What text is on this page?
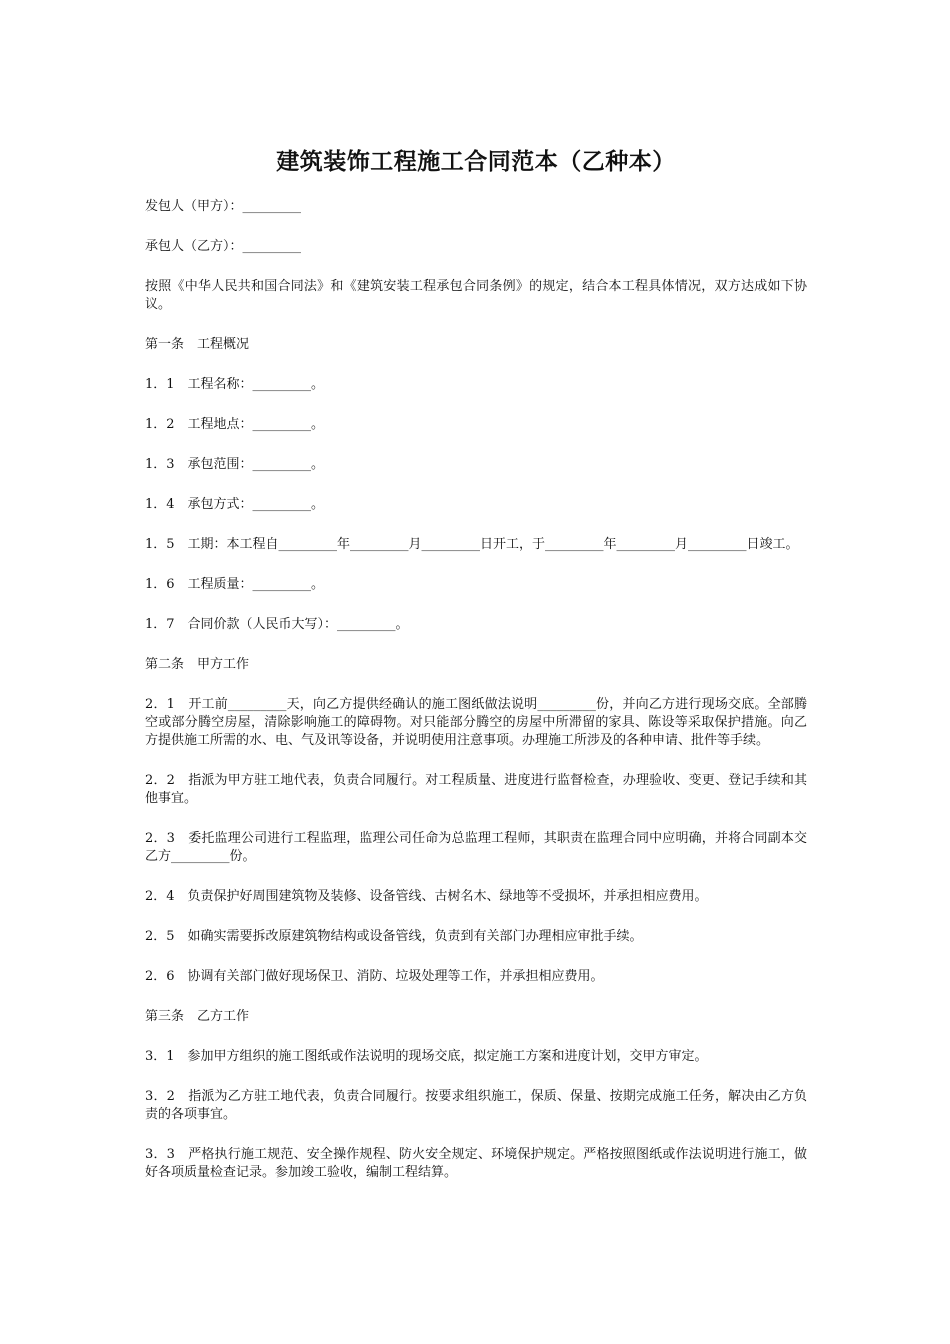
建筑装饰工程施工合同范本（乙种本）

发包人（甲方）：_________

承包人（乙方）：_________

按照《中华人民共和国合同法》和《建筑安装工程承包合同条例》的规定，结合本工程具体情况，双方达成如下协议。

第一条　工程概况

1．1　工程名称：_________。

1．2　工程地点：_________。

1．3　承包范围：_________。

1．4　承包方式：_________。

1．5　工期：本工程自_________年_________月_________日开工，于_________年_________月_________日竣工。

1．6　工程质量：_________。

1．7　合同价款（人民币大写）：_________。

第二条　甲方工作

2．1　开工前_________天，向乙方提供经确认的施工图纸做法说明_________份，并向乙方进行现场交底。全部腾空或部分腾空房屋，清除影响施工的障碍物。对只能部分腾空的房屋中所滞留的家具、陈设等采取保护措施。向乙方提供施工所需的水、电、气及讯等设备，并说明使用注意事项。办理施工所涉及的各种申请、批件等手续。

2．2　指派为甲方驻工地代表，负责合同履行。对工程质量、进度进行监督检查，办理验收、变更、登记手续和其他事宜。

2．3　委托监理公司进行工程监理，监理公司任命为总监理工程师，其职责在监理合同中应明确，并将合同副本交乙方_________份。

2．4　负责保护好周围建筑物及装修、设备管线、古树名木、绿地等不受损坏，并承担相应费用。

2．5　如确实需要拆改原建筑物结构或设备管线，负责到有关部门办理相应审批手续。

2．6　协调有关部门做好现场保卫、消防、垃圾处理等工作，并承担相应费用。

第三条　乙方工作

3．1　参加甲方组织的施工图纸或作法说明的现场交底，拟定施工方案和进度计划，交甲方审定。

3．2　指派为乙方驻工地代表，负责合同履行。按要求组织施工，保质、保量、按期完成施工任务，解决由乙方负责的各项事宜。

3．3　严格执行施工规范、安全操作规程、防火安全规定、环境保护规定。严格按照图纸或作法说明进行施工，做好各项质量检查记录。参加竣工验收，编制工程结算。
